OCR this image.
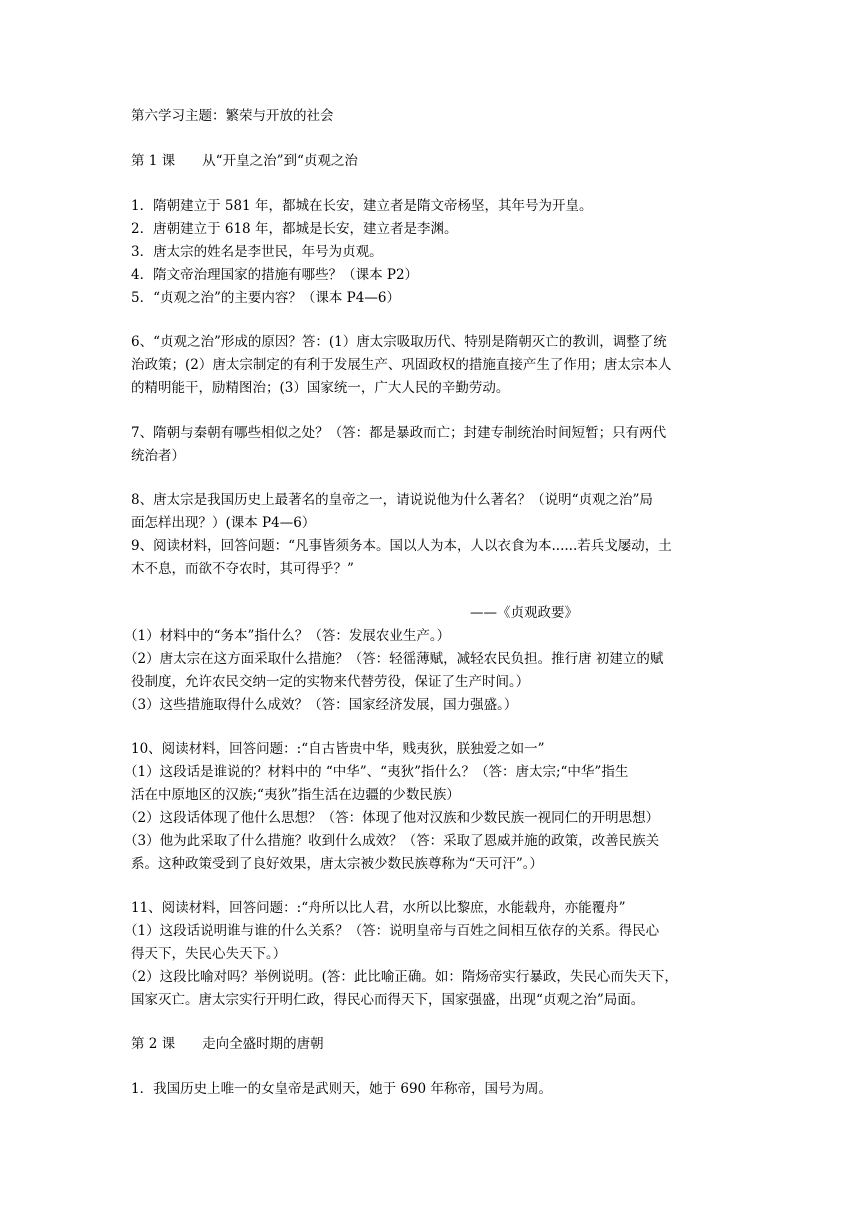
第六学习主题：繁荣与开放的社会
第 1 课　　从“开皇之治”到“贞观之治
1．隋朝建立于 581 年，都城在长安，建立者是隋文帝杨坚，其年号为开皇。
2．唐朝建立于 618 年，都城是长安，建立者是李渊。
3．唐太宗的姓名是李世民，年号为贞观。
4．隋文帝治理国家的措施有哪些？（课本 P2）
5．“贞观之治”的主要内容？（课本 P4—6）
6、“贞观之治”形成的原因？答：(1）唐太宗吸取历代、特别是隋朝灭亡的教训，调整了统
治政策；(2）唐太宗制定的有利于发展生产、巩固政权的措施直接产生了作用；唐太宗本人
的精明能干，励精图治；(3）国家统一，广大人民的辛勤劳动。
7、隋朝与秦朝有哪些相似之处？（答：都是暴政而亡；封建专制统治时间短暂；只有两代
统治者）
8、唐太宗是我国历史上最著名的皇帝之一，请说说他为什么著名？（说明“贞观之治”局
面怎样出现？）(课本 P4—6）
9、阅读材料，回答问题：“凡事皆须务本。国以人为本，人以衣食为本......若兵戈屡动，土
木不息，而欲不夺农时，其可得乎？”
——《贞观政要》
（1）材料中的“务本”指什么？（答：发展农业生产。）
（2）唐太宗在这方面采取什么措施？（答：轻徭薄赋，减轻农民负担。推行唐 初建立的赋
役制度，允许农民交纳一定的实物来代替劳役，保证了生产时间。）
（3）这些措施取得什么成效？（答：国家经济发展，国力强盛。）
10、阅读材料，回答问题：:“自古皆贵中华，贱夷狄，朕独爱之如一”
（1）这段话是谁说的？材料中的 “中华”、“夷狄”指什么？（答：唐太宗;“中华”指生
活在中原地区的汉族;“夷狄”指生活在边疆的少数民族）
（2）这段话体现了他什么思想？（答：体现了他对汉族和少数民族一视同仁的开明思想）
（3）他为此采取了什么措施？收到什么成效？（答：采取了恩威并施的政策，改善民族关
系。这种政策受到了良好效果，唐太宗被少数民族尊称为“天可汗”。）
11、阅读材料，回答问题：:“舟所以比人君，水所以比黎庶，水能载舟，亦能覆舟”
（1）这段话说明谁与谁的什么关系？（答：说明皇帝与百姓之间相互依存的关系。得民心
得天下，失民心失天下。）
（2）这段比喻对吗？举例说明。(答：此比喻正确。如：隋炀帝实行暴政，失民心而失天下，
国家灭亡。唐太宗实行开明仁政，得民心而得天下，国家强盛，出现“贞观之治”局面。
第 2 课　　走向全盛时期的唐朝
1．我国历史上唯一的女皇帝是武则天，她于 690 年称帝，国号为周。
